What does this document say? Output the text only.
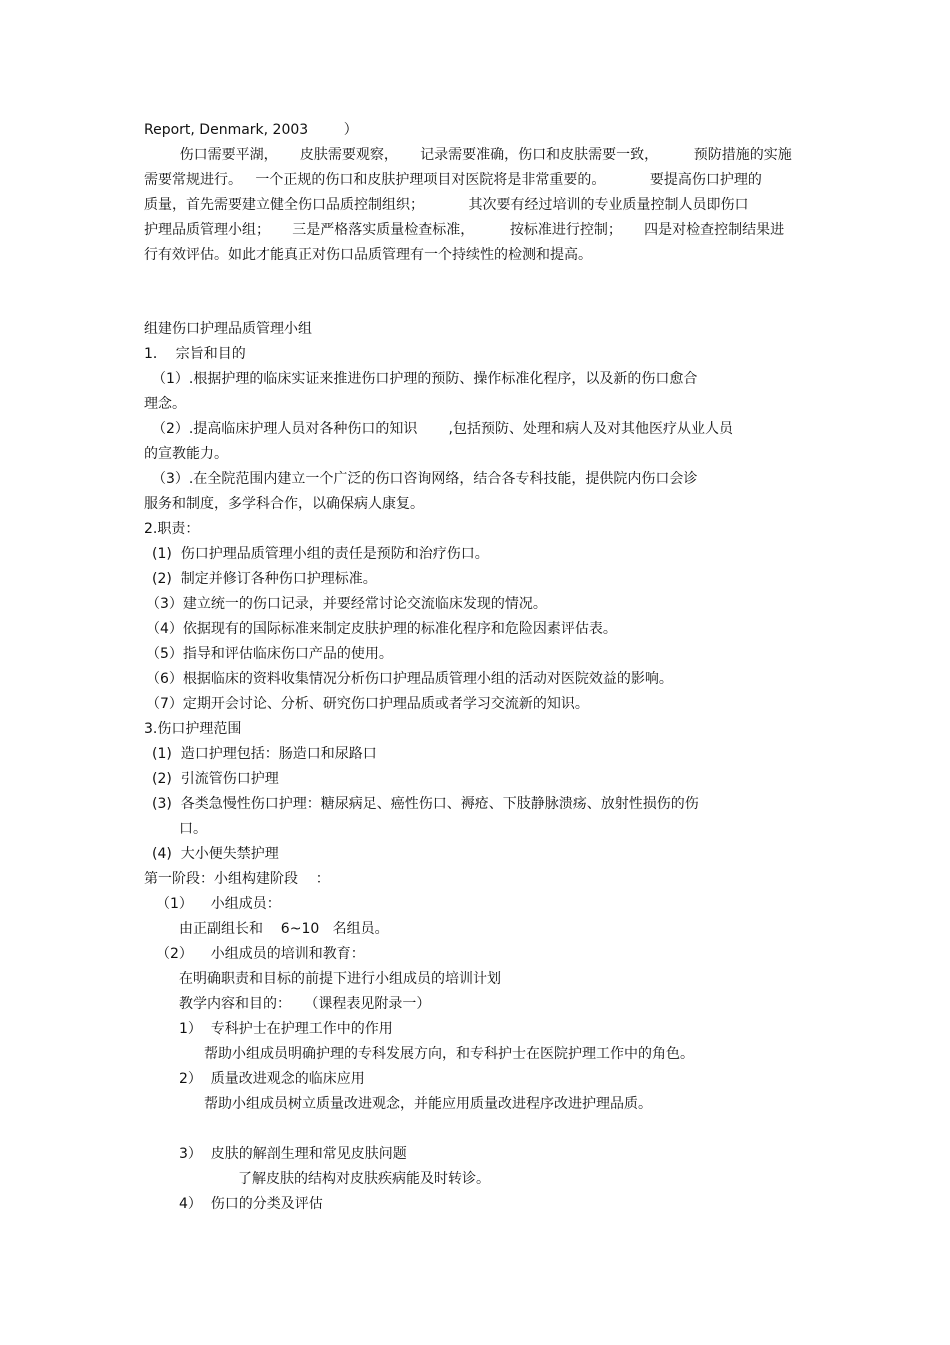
Report, Denmark, 2003        ）
伤口需要平湖，     皮肤需要观察，     记录需要准确，伤口和皮肤需要一致，        预防措施的实施
需要常规进行。   一个正规的伤口和皮肤护理项目对医院将是非常重要的。          要提高伤口护理的
质量，首先需要建立健全伤口品质控制组织；          其次要有经过培训的专业质量控制人员即伤口
护理品质管理小组；     三是严格落实质量检查标准，        按标准进行控制；     四是对检查控制结果进
行有效评估。如此才能真正对伤口品质管理有一个持续性的检测和提高。
组建伤口护理品质管理小组
1．  宗旨和目的
（1）.根据护理的临床实证来推进伤口护理的预防、操作标准化程序，以及新的伤口愈合
理念。
（2）.提高临床护理人员对各种伤口的知识       ,包括预防、处理和病人及对其他医疗从业人员
的宣教能力。
（3）.在全院范围内建立一个广泛的伤口咨询网络，结合各专科技能，提供院内伤口会诊
服务和制度，多学科合作，以确保病人康复。
2.职责：
(1)  伤口护理品质管理小组的责任是预防和治疗伤口。
(2)  制定并修订各种伤口护理标准。
（3）建立统一的伤口记录，并要经常讨论交流临床发现的情况。
（4）依据现有的国际标准来制定皮肤护理的标准化程序和危险因素评估表。
（5）指导和评估临床伤口产品的使用。
（6）根据临床的资料收集情况分析伤口护理品质管理小组的活动对医院效益的影响。
（7）定期开会讨论、分析、研究伤口护理品质或者学习交流新的知识。
3.伤口护理范围
(1)  造口护理包括：肠造口和尿路口
(2)  引流管伤口护理
(3)  各类急慢性伤口护理：糖尿病足、癌性伤口、褥疮、下肢静脉溃疡、放射性损伤的伤
口。
(4)  大小便失禁护理
第一阶段：小组构建阶段    ：
（1）    小组成员：
由正副组长和    6~10   名组员。
（2）    小组成员的培训和教育：
在明确职责和目标的前提下进行小组成员的培训计划
教学内容和目的：   （课程表见附录一）
1）  专科护士在护理工作中的作用
帮助小组成员明确护理的专科发展方向，和专科护士在医院护理工作中的角色。
2）  质量改进观念的临床应用
帮助小组成员树立质量改进观念，并能应用质量改进程序改进护理品质。
3）  皮肤的解剖生理和常见皮肤问题
了解皮肤的结构对皮肤疾病能及时转诊。
4）  伤口的分类及评估
